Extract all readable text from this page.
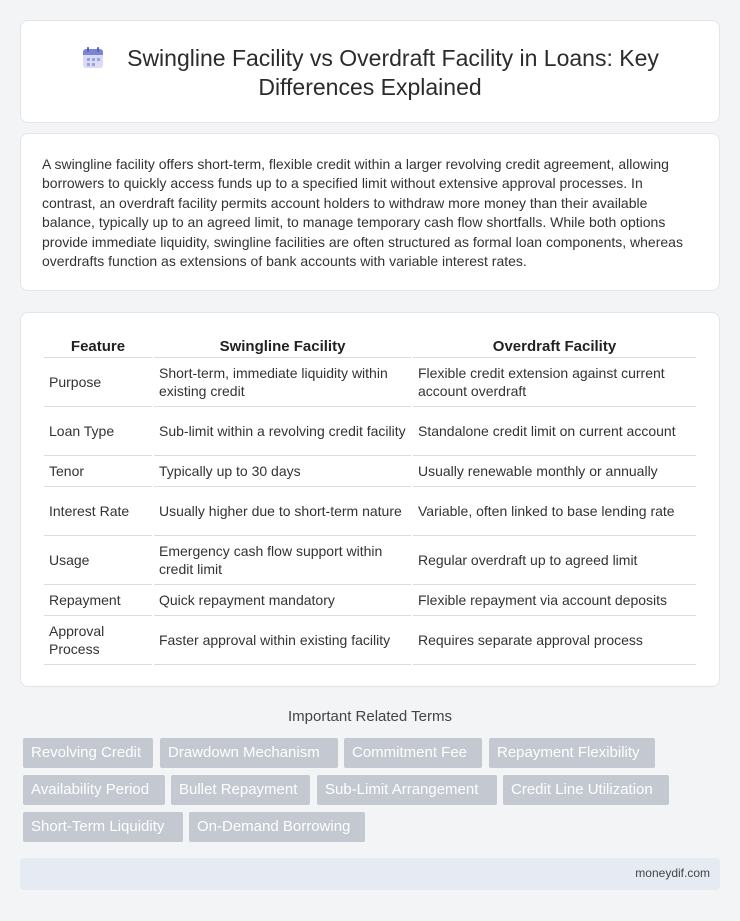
Swingline Facility vs Overdraft Facility in Loans: Key Differences Explained

A swingline facility offers short-term, flexible credit within a larger revolving credit agreement, allowing borrowers to quickly access funds up to a specified limit without extensive approval processes. In contrast, an overdraft facility permits account holders to withdraw more money than their available balance, typically up to an agreed limit, to manage temporary cash flow shortfalls. While both options provide immediate liquidity, swingline facilities are often structured as formal loan components, whereas overdrafts function as extensions of bank accounts with variable interest rates.

Feature	Swingline Facility	Overdraft Facility
Purpose	Short-term, immediate liquidity within existing credit	Flexible credit extension against current account overdraft
Loan Type	Sub-limit within a revolving credit facility	Standalone credit limit on current account
Tenor	Typically up to 30 days	Usually renewable monthly or annually
Interest Rate	Usually higher due to short-term nature	Variable, often linked to base lending rate
Usage	Emergency cash flow support within credit limit	Regular overdraft up to agreed limit
Repayment	Quick repayment mandatory	Flexible repayment via account deposits
Approval Process	Faster approval within existing facility	Requires separate approval process
Important Related Terms
Revolving Credit	Drawdown Mechanism	Commitment Fee	Repayment Flexibility
Availability Period	Bullet Repayment	Sub-Limit Arrangement	Credit Line Utilization
Short-Term Liquidity	On-Demand Borrowing
moneydif.com
